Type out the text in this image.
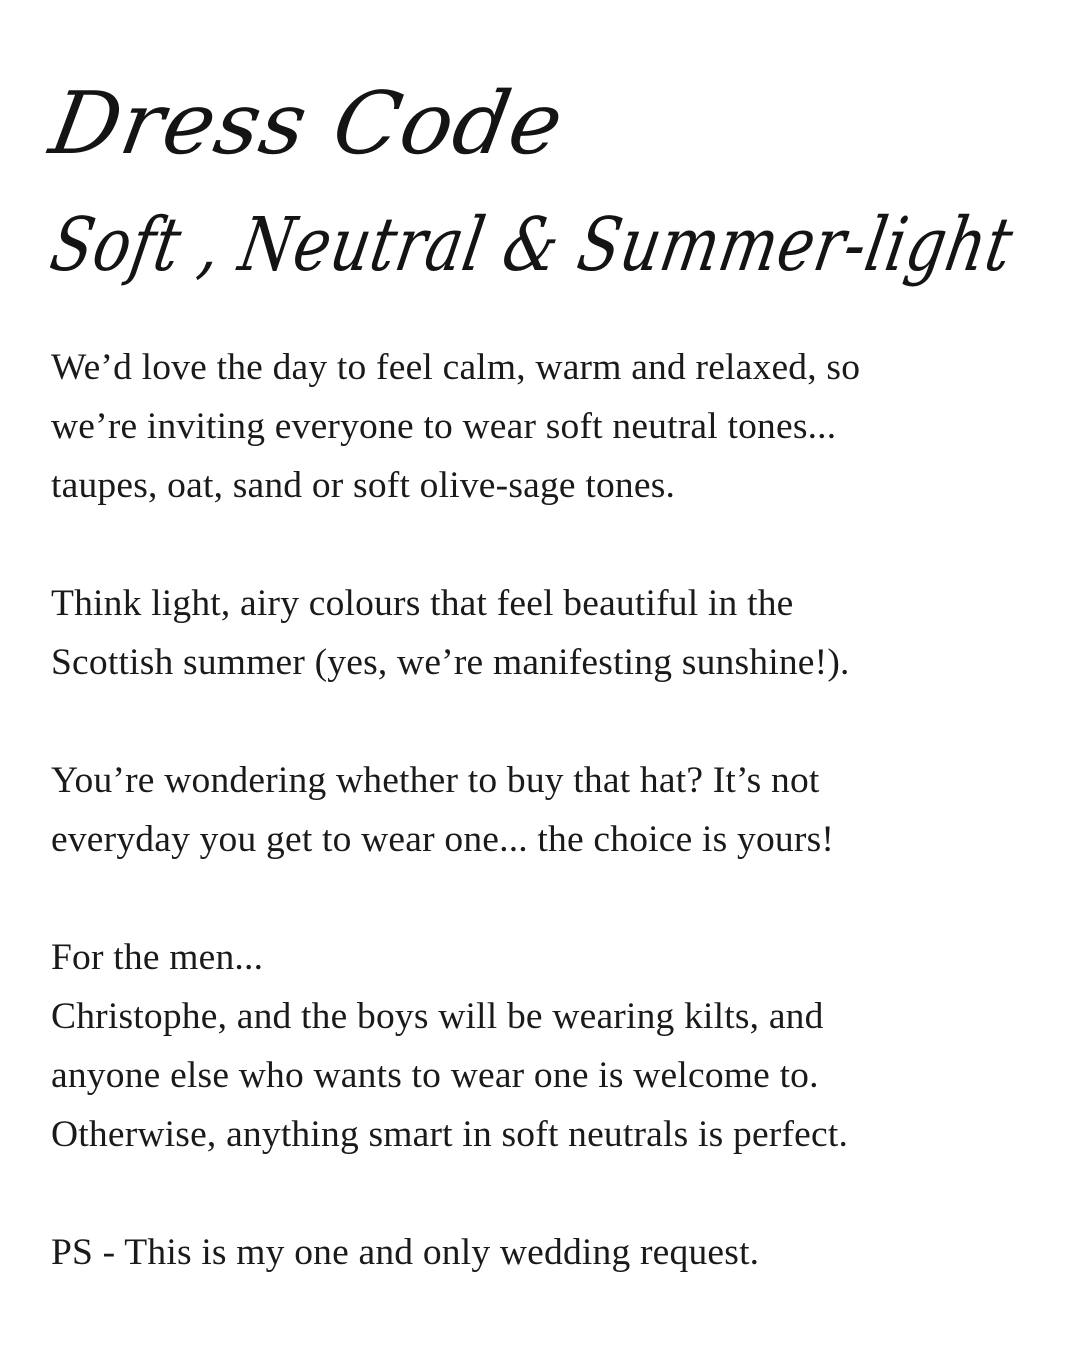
Dress Code
Soft , Neutral & Summer-light
We’d love the day to feel calm, warm and relaxed, so
we’re inviting everyone to wear soft neutral tones...
taupes, oat, sand or soft olive-sage tones.
Think light, airy colours that feel beautiful in the
Scottish summer (yes, we’re manifesting sunshine!).
You’re wondering whether to buy that hat? It’s not
everyday you get to wear one... the choice is yours!
For the men...
Christophe, and the boys will be wearing kilts, and
anyone else who wants to wear one is welcome to.
Otherwise, anything smart in soft neutrals is perfect.
PS - This is my one and only wedding request.
